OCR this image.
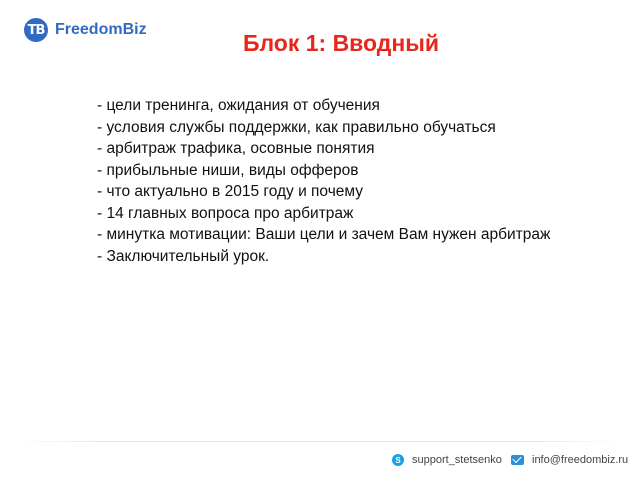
ТВ FreedomBiz
Блок 1: Вводный
- цели тренинга, ожидания от обучения
- условия службы поддержки, как правильно обучаться
- арбитраж трафика, осовные понятия
- прибыльные ниши, виды офферов
- что актуально в 2015 году и почему
- 14 главных вопроса про арбитраж
- минутка мотивации: Ваши цели и зачем Вам нужен арбитраж
- Заключительный урок.
S	support_stetsenko	info@freedombiz.ru
